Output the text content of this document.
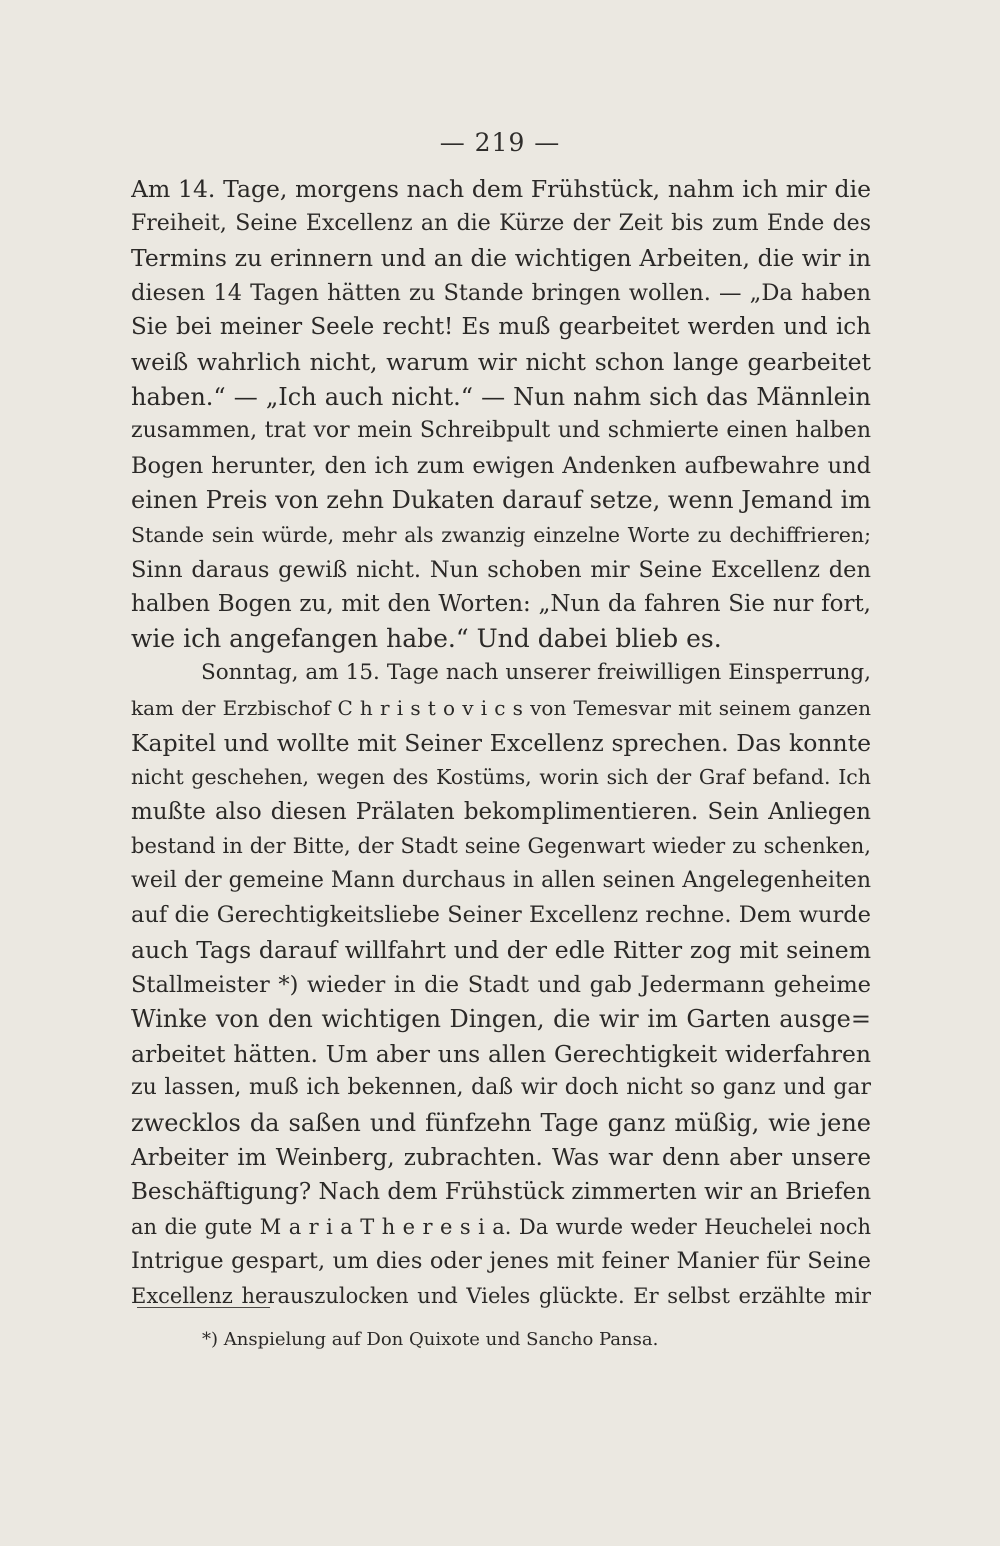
— 219 —
Am 14. Tage, morgens nach dem Frühstück, nahm ich mir die
Freiheit, Seine Excellenz an die Kürze der Zeit bis zum Ende des
Termins zu erinnern und an die wichtigen Arbeiten, die wir in
diesen 14 Tagen hätten zu Stande bringen wollen. — „Da haben
Sie bei meiner Seele recht! Es muß gearbeitet werden und ich
weiß wahrlich nicht, warum wir nicht schon lange gearbeitet
haben.“ — „Ich auch nicht.“ — Nun nahm sich das Männlein
zusammen, trat vor mein Schreibpult und schmierte einen halben
Bogen herunter, den ich zum ewigen Andenken aufbewahre und
einen Preis von zehn Dukaten darauf setze, wenn Jemand im
Stande sein würde, mehr als zwanzig einzelne Worte zu dechiffrieren;
Sinn daraus gewiß nicht. Nun schoben mir Seine Excellenz den
halben Bogen zu, mit den Worten: „Nun da fahren Sie nur fort,
wie ich angefangen habe.“ Und dabei blieb es.
Sonntag, am 15. Tage nach unserer freiwilligen Einsperrung,
kam der Erzbischof C h r i s t o v i c s von Temesvar mit seinem ganzen
Kapitel und wollte mit Seiner Excellenz sprechen. Das konnte
nicht geschehen, wegen des Kostüms, worin sich der Graf befand. Ich
mußte also diesen Prälaten bekomplimentieren. Sein Anliegen
bestand in der Bitte, der Stadt seine Gegenwart wieder zu schenken,
weil der gemeine Mann durchaus in allen seinen Angelegenheiten
auf die Gerechtigkeitsliebe Seiner Excellenz rechne. Dem wurde
auch Tags darauf willfahrt und der edle Ritter zog mit seinem
Stallmeister *) wieder in die Stadt und gab Jedermann geheime
Winke von den wichtigen Dingen, die wir im Garten ausge=
arbeitet hätten. Um aber uns allen Gerechtigkeit widerfahren
zu lassen, muß ich bekennen, daß wir doch nicht so ganz und gar
zwecklos da saßen und fünfzehn Tage ganz müßig, wie jene
Arbeiter im Weinberg, zubrachten. Was war denn aber unsere
Beschäftigung? Nach dem Frühstück zimmerten wir an Briefen
an die gute M a r i a T h e r e s i a. Da wurde weder Heuchelei noch
Intrigue gespart, um dies oder jenes mit feiner Manier für Seine
Excellenz herauszulocken und Vieles glückte. Er selbst erzählte mir
*) Anspielung auf Don Quixote und Sancho Pansa.
